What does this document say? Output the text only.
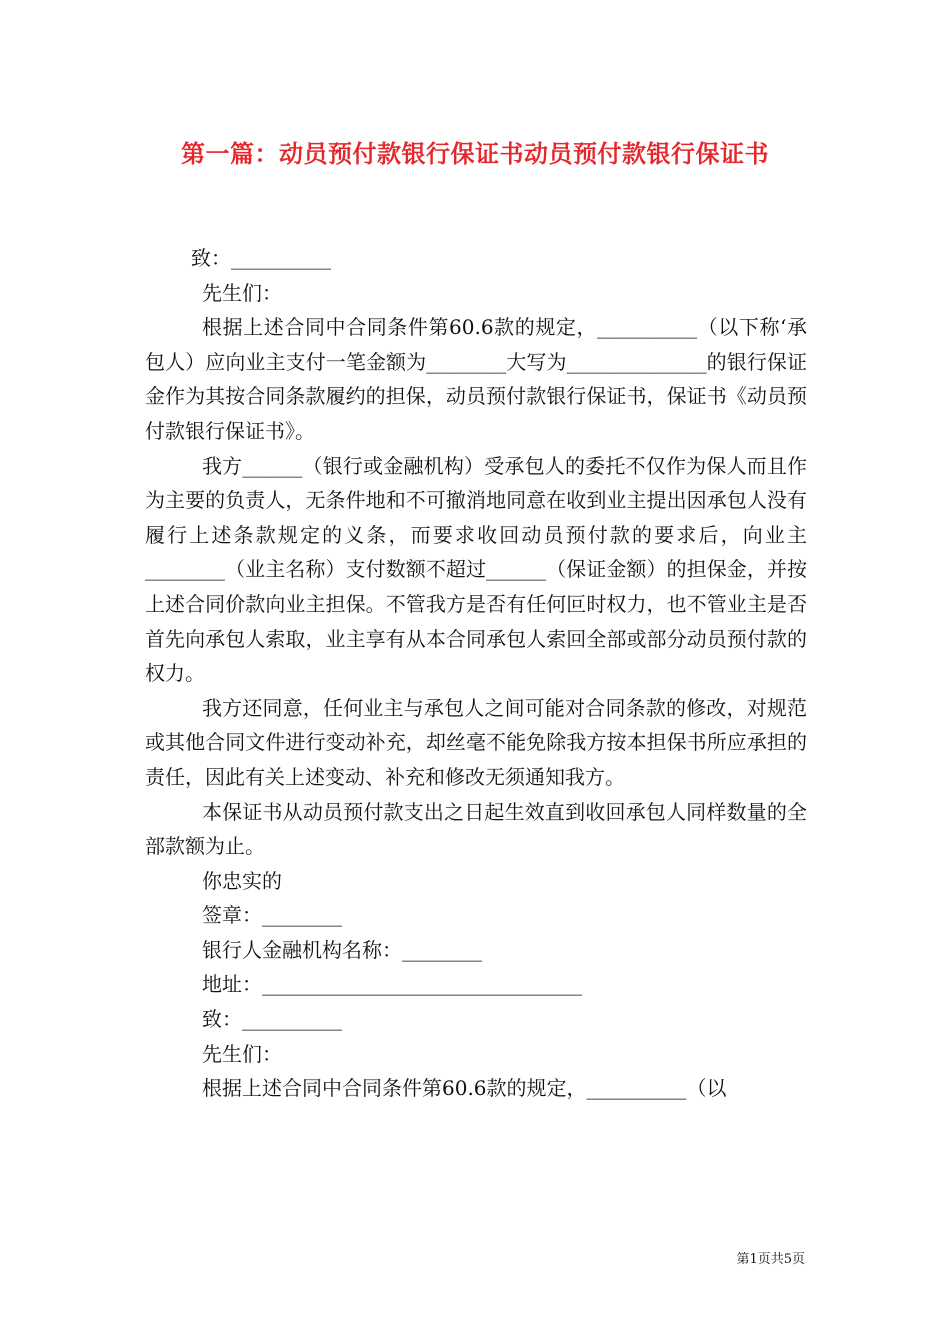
第一篇：动员预付款银行保证书动员预付款银行保证书

致：__________

先生们：

根据上述合同中合同条件第60.6款的规定，__________（以下称‘承包人）应向业主支付一笔金额为________大写为______________的银行保证金作为其按合同条款履约的担保，动员预付款银行保证书，保证书《动员预付款银行保证书》。

我方______（银行或金融机构）受承包人的委托不仅作为保人而且作为主要的负责人，无条件地和不可撤消地同意在收到业主提出因承包人没有履行上述条款规定的义条，而要求收回动员预付款的要求后，向业主________（业主名称）支付数额不超过______（保证金额）的担保金，并按上述合同价款向业主担保。不管我方是否有任何叵时权力，也不管业主是否首先向承包人索取，业主享有从本合同承包人索回全部或部分动员预付款的权力。

我方还同意，任何业主与承包人之间可能对合同条款的修改，对规范或其他合同文件进行变动补充，却丝毫不能免除我方按本担保书所应承担的责任，因此有关上述变动、补充和修改无须通知我方。

本保证书从动员预付款支出之日起生效直到收回承包人同样数量的全部款额为止。

你忠实的

签章：________

银行人金融机构名称：________

地址：________________________________

致：__________

先生们：

根据上述合同中合同条件第60.6款的规定，__________（以

第1页共5页
